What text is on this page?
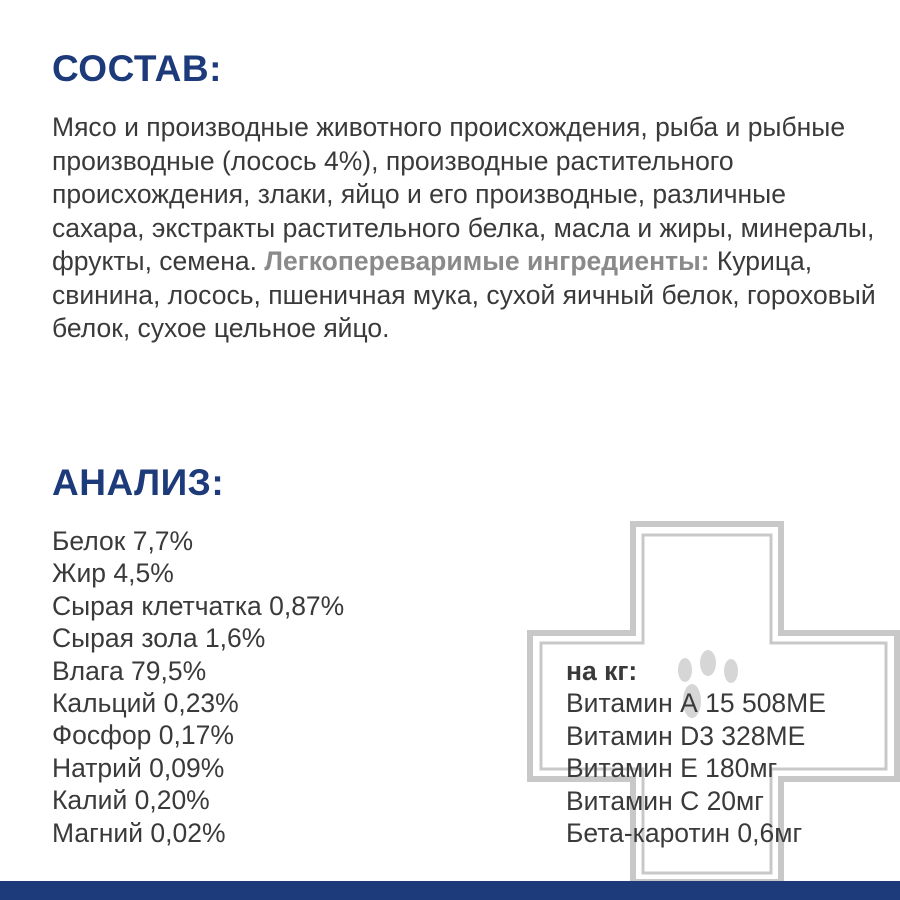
СОСТАВ:
Мясо и производные животного происхождения, рыба и рыбные производные (лосось 4%), производные растительного происхождения, злаки, яйцо и его производные, различные сахара, экстракты растительного белка, масла и жиры, минералы, фрукты, семена. Легкопереваримые ингредиенты: Курица, свинина, лосось, пшеничная мука, сухой яичный белок, гороховый белок, сухое цельное яйцо.
АНАЛИЗ:
Белок 7,7%
Жир 4,5%
Сырая клетчатка 0,87%
Сырая зола 1,6%
Влага 79,5%
Кальций 0,23%
Фосфор 0,17%
Натрий 0,09%
Калий 0,20%
Магний 0,02%
на кг:
Витамин А 15 508МЕ
Витамин D3 328МЕ
Витамин Е 180мг
Витамин С 20мг
Бета-каротин 0,6мг
